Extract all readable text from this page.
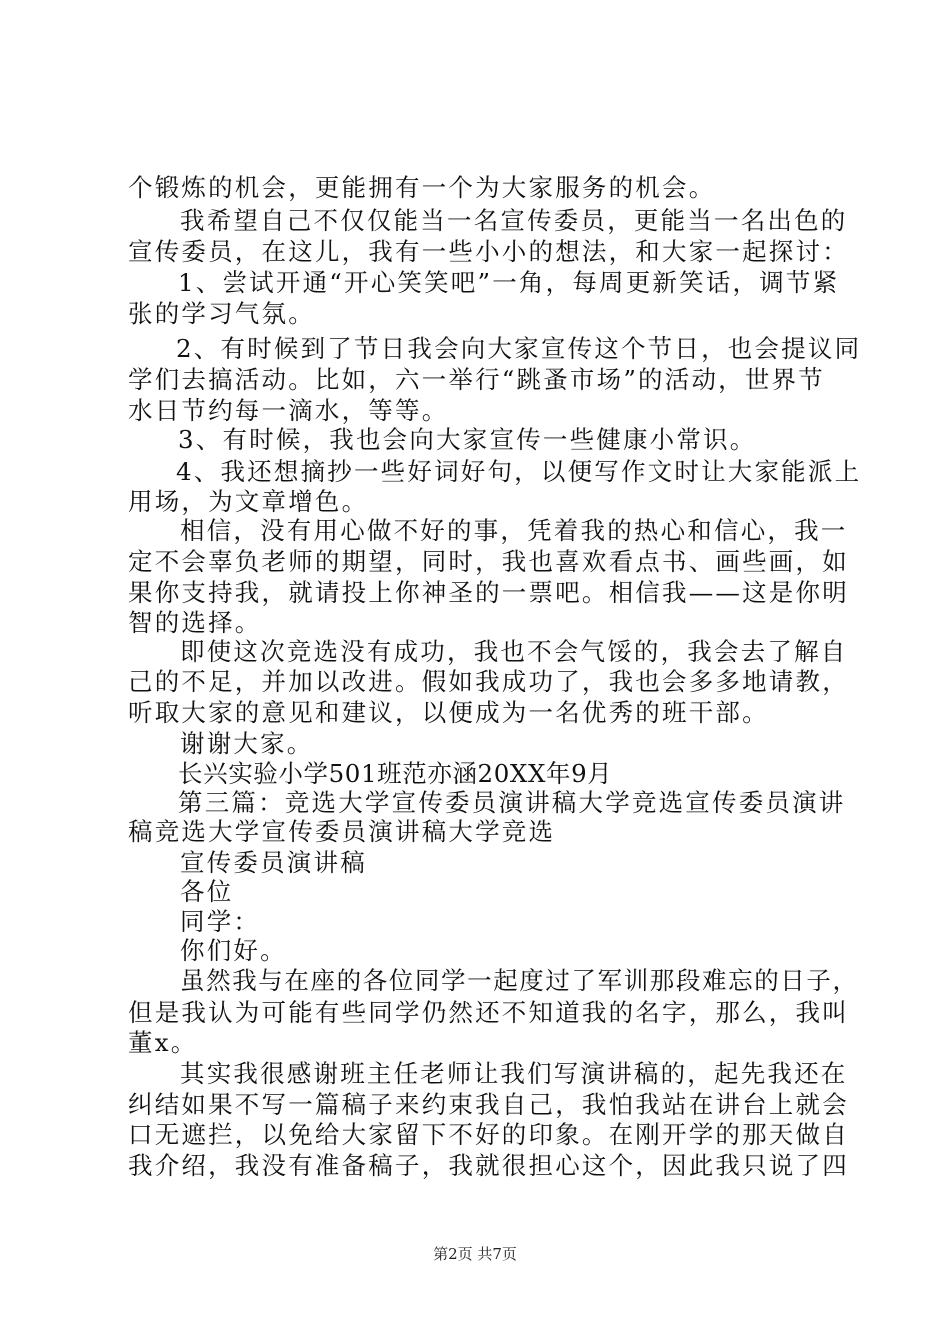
个锻炼的机会，更能拥有一个为大家服务的机会。
我希望自己不仅仅能当一名宣传委员，更能当一名出色的
宣传委员，在这儿，我有一些小小的想法，和大家一起探讨：
1、尝试开通“开心笑笑吧”一角，每周更新笑话，调节紧
张的学习气氛。
2、有时候到了节日我会向大家宣传这个节日，也会提议同
学们去搞活动。比如，六一举行“跳蚤市场”的活动，世界节
水日节约每一滴水，等等。
3、有时候，我也会向大家宣传一些健康小常识。
4、我还想摘抄一些好词好句，以便写作文时让大家能派上
用场，为文章增色。
相信，没有用心做不好的事，凭着我的热心和信心，我一
定不会辜负老师的期望，同时，我也喜欢看点书、画些画，如
果你支持我，就请投上你神圣的一票吧。相信我——这是你明
智的选择。
即使这次竞选没有成功，我也不会气馁的，我会去了解自
己的不足，并加以改进。假如我成功了，我也会多多地请教，
听取大家的意见和建议，以便成为一名优秀的班干部。
谢谢大家。
长兴实验小学501班范亦涵20XX年9月
第三篇：竞选大学宣传委员演讲稿大学竞选宣传委员演讲
稿竞选大学宣传委员演讲稿大学竞选
宣传委员演讲稿
各位
同学：
你们好。
虽然我与在座的各位同学一起度过了军训那段难忘的日子，
但是我认为可能有些同学仍然还不知道我的名字，那么，我叫
董x。
其实我很感谢班主任老师让我们写演讲稿的，起先我还在
纠结如果不写一篇稿子来约束我自己，我怕我站在讲台上就会
口无遮拦，以免给大家留下不好的印象。在刚开学的那天做自
我介绍，我没有准备稿子，我就很担心这个，因此我只说了四
第2页 共7页
